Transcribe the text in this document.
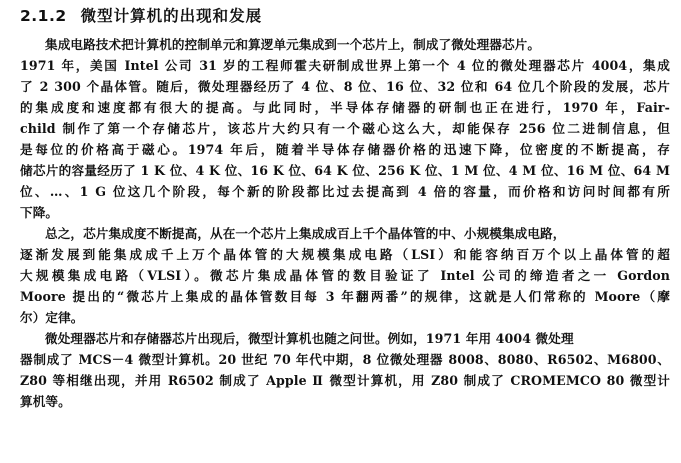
2.1.2 微型计算机的出现和发展
集成电路技术把计算机的控制单元和算逻单元集成到一个芯片上，制成了微处理器芯片。
1971 年，美国 Intel 公司 31 岁的工程师霍夫研制成世界上第一个 4 位的微处理器芯片 4004，集成
了 2 300 个晶体管。随后，微处理器经历了 4 位、8 位、16 位、32 位和 64 位几个阶段的发展，芯片
的集成度和速度都有很大的提高。与此同时，半导体存储器的研制也正在进行，1970 年，Fair-
child 制作了第一个存储芯片，该芯片大约只有一个磁心这么大，却能保存 256 位二进制信息，但
是每位的价格高于磁心。1974 年后，随着半导体存储器价格的迅速下降，位密度的不断提高，存
储芯片的容量经历了 1 K 位、4 K 位、16 K 位、64 K 位、256 K 位、1 M 位、4 M 位、16 M 位、64 M
位、…、1 G 位这几个阶段，每个新的阶段都比过去提高到 4 倍的容量，而价格和访问时间都有所
下降。
总之，芯片集成度不断提高，从在一个芯片上集成成百上千个晶体管的中、小规模集成电路，
逐渐发展到能集成成千上万个晶体管的大规模集成电路（LSI）和能容纳百万个以上晶体管的超
大规模集成电路（VLSI）。微芯片集成晶体管的数目验证了 Intel 公司的缔造者之一 Gordon
Moore 提出的“微芯片上集成的晶体管数目每 3 年翻两番”的规律，这就是人们常称的 Moore（摩
尔）定律。
微处理器芯片和存储器芯片出现后，微型计算机也随之问世。例如，1971 年用 4004 微处理
器制成了 MCS－4 微型计算机。20 世纪 70 年代中期，8 位微处理器 8008、8080、R6502、M6800、
Z80 等相继出现，并用 R6502 制成了 Apple Ⅱ 微型计算机，用 Z80 制成了 CROMEMCO 80 微型计
算机等。
